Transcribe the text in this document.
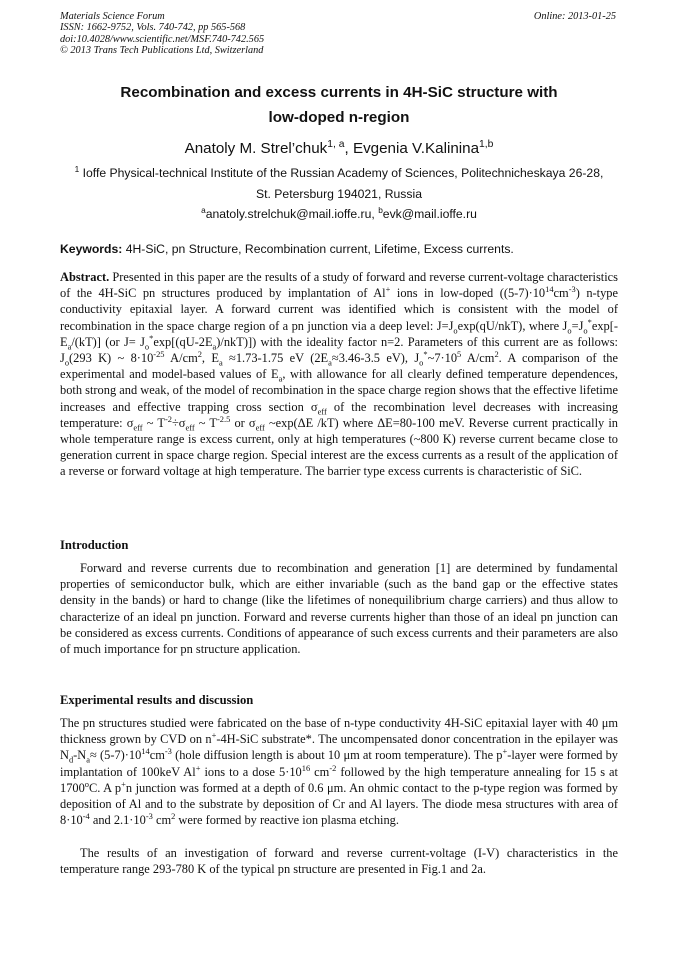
Materials Science Forum
ISSN: 1662-9752, Vols. 740-742, pp 565-568
doi:10.4028/www.scientific.net/MSF.740-742.565
© 2013 Trans Tech Publications Ltd, Switzerland
Online: 2013-01-25
Recombination and excess currents in 4H-SiC structure with
low-doped n-region
Anatoly M. Strel’chuk$^{1, a}$, Evgenia V.Kalinina$^{1,b}$
$^1$ Ioffe Physical-technical Institute of the Russian Academy of Sciences, Politechnicheskaya 26-28,
St. Petersburg 194021, Russia
$^a$anatoly.strelchuk@mail.ioffe.ru, $^b$evk@mail.ioffe.ru
Keywords: 4H-SiC, pn Structure, Recombination current, Lifetime, Excess currents.

Abstract. Presented in this paper are the results of a study of forward and reverse current-voltage characteristics of the 4H-SiC pn structures produced by implantation of Al+ ions in low-doped $((5-7)\cdot 10^{14}cm^{-3})$ n-type conductivity epitaxial layer. A forward current was identified which is consistent with the model of recombination in the space charge region of a pn junction via a deep level: $J=J_o\exp(qU/nkT)$, where $J_o=J_o^*\exp[-E_a/(kT)]$ (or $J= J_o^*\exp[(qU-2E_a)/nkT)$]) with the ideality factor n=2. Parameters of this current are as follows: $J_o(293$ K) ~ $8\cdot 10^{-25}$ $A/cm^2$, $E_a \approx 1.73-1.75$ eV ($2E_a\approx 3.46-3.5$ eV), $J_o^*\sim 7\cdot 10^5$ $A/cm^2$. A comparison of the experimental and model-based values of $E_a$, with allowance for all clearly defined temperature dependences, both strong and weak, of the model of recombination in the space charge region shows that the effective lifetime increases and effective trapping cross section $\sigma_{eff}$ of the recombination level decreases with increasing temperature: $\sigma_{eff}$ ~ $T^{-2}\div\sigma_{eff}$ ~ $T^{-2.5}$ or $\sigma_{eff}$ ~exp(ΔE /kT) where ΔE=80-100 meV. Reverse current practically in whole temperature range is excess current, only at high temperatures (~800 K) reverse current became close to generation current in space charge region. Special interest are the excess currents as a result of the application of a reverse or forward voltage at high temperature. The barrier type excess currents is characteristic of SiC.

Introduction

Forward and reverse currents due to recombination and generation [1] are determined by fundamental properties of semiconductor bulk, which are either invariable (such as the band gap or the effective states density in the bands) or hard to change (like the lifetimes of nonequilibrium charge carriers) and thus allow to characterize of an ideal pn junction. Forward and reverse currents higher than those of an ideal pn junction can be considered as excess currents. Conditions of appearance of such excess currents and their parameters are also of much importance for pn structure application.

Experimental results and discussion

The pn structures studied were fabricated on the base of n-type conductivity 4H-SiC epitaxial layer with 40 μm thickness grown by CVD on n+-4H-SiC substrate*. The uncompensated donor concentration in the epilayer was $N_d-N_a\approx (5-7)\cdot 10^{14}cm^{-3}$ (hole diffusion length is about 10 μm at room temperature). The p+-layer were formed by implantation of 100keV Al+ ions to a dose $5\cdot 10^{16}$ $cm^{-2}$ followed by the high temperature annealing for 15 s at 1700$^o$C. A p+n junction was formed at a depth of 0.6 μm. An ohmic contact to the p-type region was formed by deposition of Al and to the substrate by deposition of Cr and Al layers. The diode mesa structures with area of $8\cdot 10^{-4}$ and $2.1\cdot 10^{-3}$ $cm^2$ were formed by reactive ion plasma etching.

The results of an investigation of forward and reverse current-voltage (I-V) characteristics in the temperature range 293-780 K of the typical pn structure are presented in Fig.1 and 2a.
